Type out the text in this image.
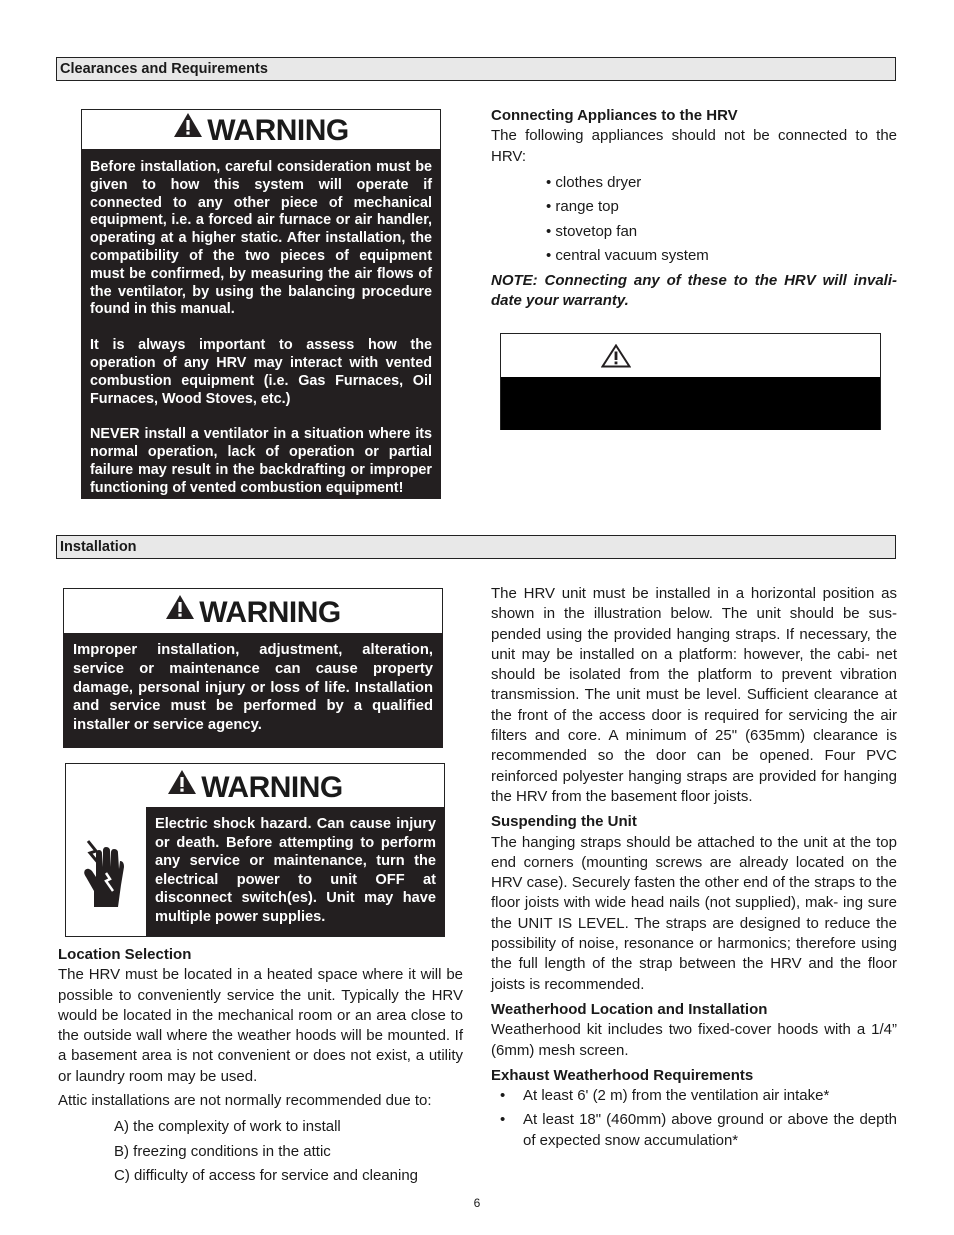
Clearances and Requirements
WARNING

Before installation, careful consideration must be given to how this system will operate if connected to any other piece of mechanical equipment, i.e. a forced air furnace or air handler, operating at a higher static. After installation, the compatibility of the two pieces of equipment must be confirmed, by measuring the air flows of the ventilator, by using the balancing procedure found in this manual.

It is always important to assess how the operation of any HRV may interact with vented combustion equipment (i.e. Gas Furnaces, Oil Furnaces, Wood Stoves, etc.)

NEVER install a ventilator in a situation where its normal operation, lack of operation or partial failure may result in the backdrafting or improper functioning of vented combustion equipment!

Connecting Appliances to the HRV

The following appliances should not be connected to the HRV:

• clothes dryer
• range top
• stovetop fan
• central vacuum system

NOTE: Connecting any of these to the HRV will invali- date your warranty.

Installation
WARNING

Improper installation, adjustment, alteration, service or maintenance can cause property damage, personal injury or loss of life. Installation and service must be performed by a qualified installer or service agency.

WARNING

Electric shock hazard. Can cause injury or death. Before attempting to perform any service or maintenance, turn the electrical power to unit OFF at disconnect switch(es). Unit may have multiple power supplies.

Location Selection

The HRV must be located in a heated space where it will be possible to conveniently service the unit. Typically the HRV would be located in the mechanical room or an area close to the outside wall where the weather hoods will be mounted. If a basement area is not convenient or does not exist, a utility or laundry room may be used.

Attic installations are not normally recommended due to:

A) the complexity of work to install
B) freezing conditions in the attic
C) difficulty of access for service and cleaning

The HRV unit must be installed in a horizontal position as shown in the illustration below. The unit should be sus- pended using the provided hanging straps. If necessary, the unit may be installed on a platform: however, the cabi- net should be isolated from the platform to prevent vibration transmission. The unit must be level. Sufficient clearance at the front of the access door is required for servicing the air filters and core. A minimum of 25" (635mm) clearance is recommended so the door can be opened. Four PVC reinforced polyester hanging straps are provided for hanging the HRV from the basement floor joists.

Suspending the Unit

The hanging straps should be attached to the unit at the top end corners (mounting screws are already located on the HRV case). Securely fasten the other end of the straps to the floor joists with wide head nails (not supplied), mak- ing sure the UNIT IS LEVEL. The straps are designed to reduce the possibility of noise, resonance or harmonics; therefore using the full length of the strap between the HRV and the floor joists is recommended.

Weatherhood Location and Installation

Weatherhood kit includes two fixed-cover hoods with a 1/4” (6mm) mesh screen.

Exhaust Weatherhood Requirements
•	At least 6' (2 m) from the ventilation air intake*
•	At least 18" (460mm) above ground or above the depth of expected snow accumulation*
6
